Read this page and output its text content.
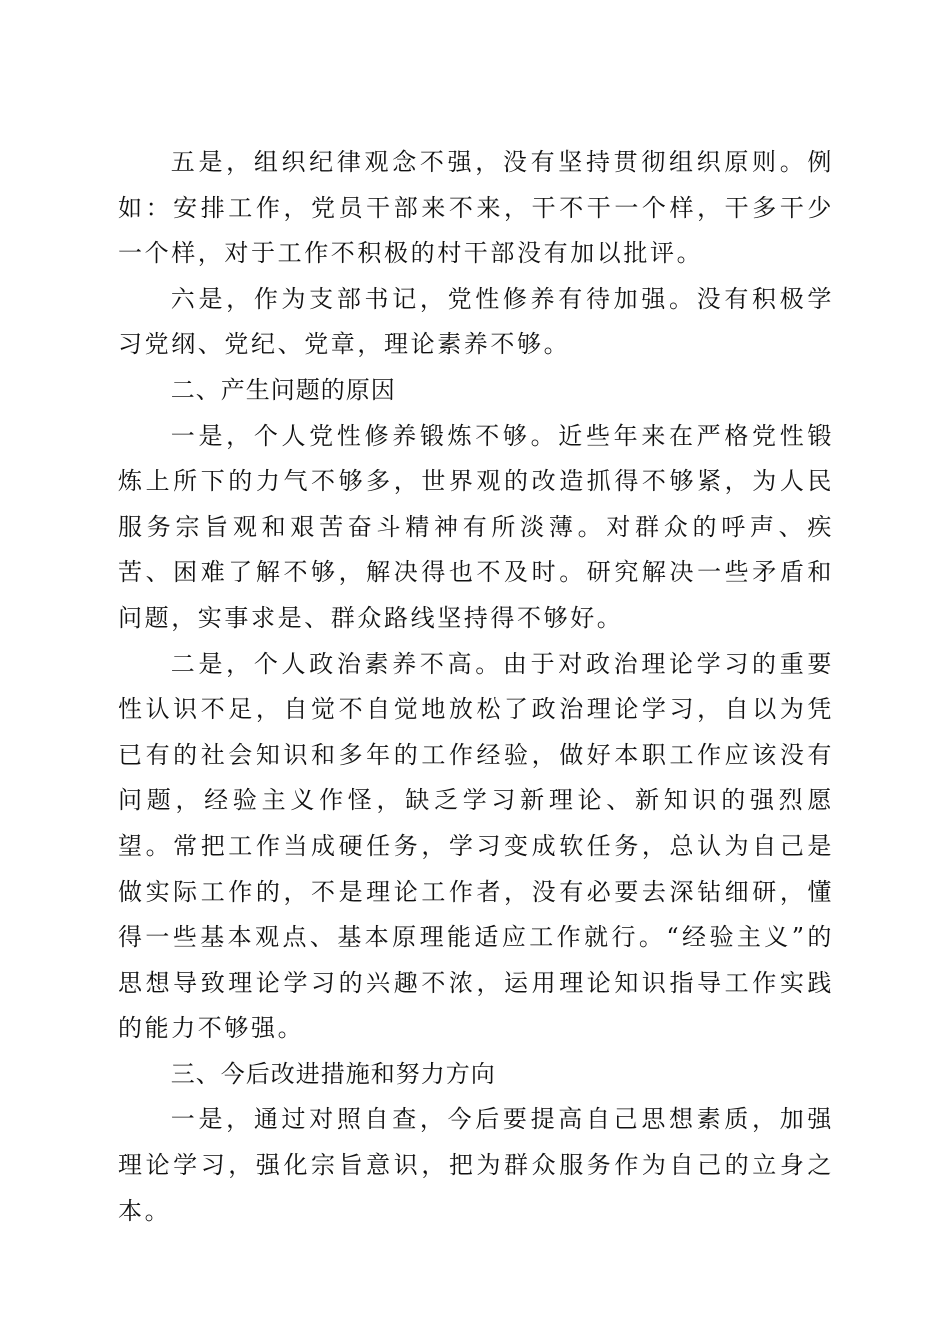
五是，组织纪律观念不强，没有坚持贯彻组织原则。例如：安排工作，党员干部来不来，干不干一个样，干多干少一个样，对于工作不积极的村干部没有加以批评。

六是，作为支部书记，党性修养有待加强。没有积极学习党纲、党纪、党章，理论素养不够。

二、产生问题的原因

一是，个人党性修养锻炼不够。近些年来在严格党性锻炼上所下的力气不够多，世界观的改造抓得不够紧，为人民服务宗旨观和艰苦奋斗精神有所淡薄。对群众的呼声、疾苦、困难了解不够，解决得也不及时。研究解决一些矛盾和问题，实事求是、群众路线坚持得不够好。

二是，个人政治素养不高。由于对政治理论学习的重要性认识不足，自觉不自觉地放松了政治理论学习，自以为凭已有的社会知识和多年的工作经验，做好本职工作应该没有问题，经验主义作怪，缺乏学习新理论、新知识的强烈愿望。常把工作当成硬任务，学习变成软任务，总认为自己是做实际工作的，不是理论工作者，没有必要去深钻细研，懂得一些基本观点、基本原理能适应工作就行。“经验主义”的思想导致理论学习的兴趣不浓，运用理论知识指导工作实践的能力不够强。

三、今后改进措施和努力方向

一是，通过对照自查，今后要提高自己思想素质，加强理论学习，强化宗旨意识，把为群众服务作为自己的立身之本。
